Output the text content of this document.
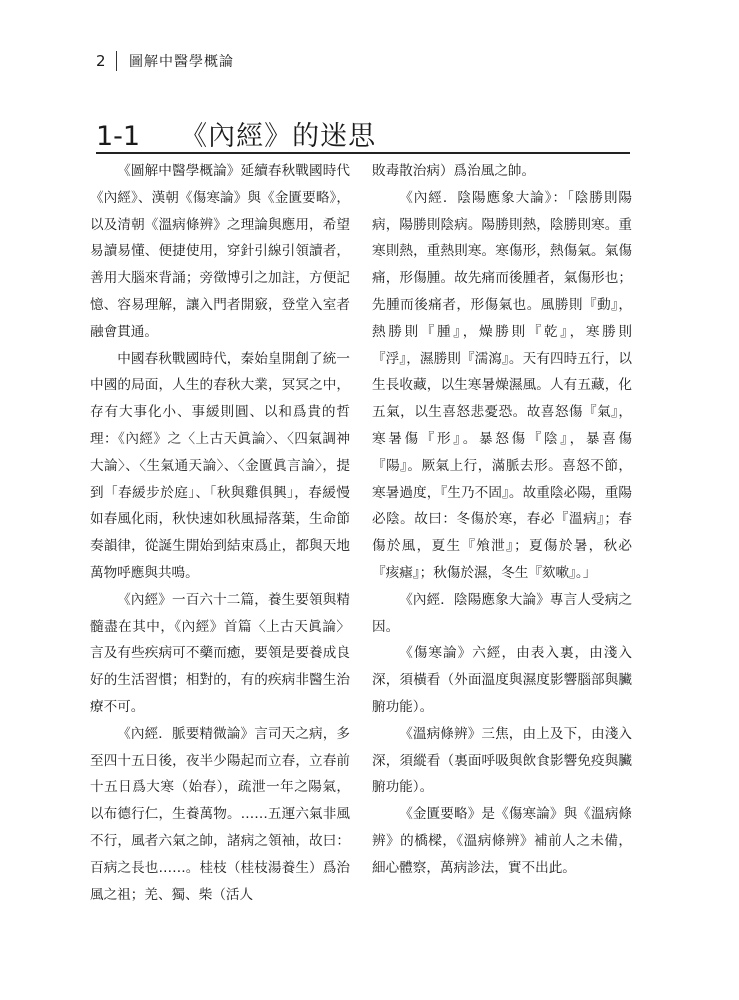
2	圖解中醫學概論
1-1 《內經》的迷思

《圖解中醫學概論》延續春秋戰國時代《內經》、漢朝《傷寒論》與《金匱要略》，以及清朝《溫病條辨》之理論與應用，希望易讀易懂、便捷使用，穿針引線引領讀者，善用大腦來背誦；旁徵博引之加註，方便記憶、容易理解，讓入門者開竅，登堂入室者融會貫通。

中國春秋戰國時代，秦始皇開創了統一中國的局面，人生的春秋大業，冥冥之中，存有大事化小、事緩則圓、以和爲貴的哲理：《內經》之〈上古天眞論〉、〈四氣調神大論〉、〈生氣通天論〉、〈金匱眞言論〉，提到「春緩步於庭」、「秋與雞俱興」，春緩慢如春風化雨，秋快速如秋風掃落葉，生命節奏韻律，從誕生開始到結束爲止，都與天地萬物呼應與共鳴。

《內經》一百六十二篇，養生要領與精髓盡在其中，《內經》首篇〈上古天眞論〉言及有些疾病可不藥而癒，要領是要養成良好的生活習慣；相對的，有的疾病非醫生治療不可。

《內經．脈要精微論》言司天之病，多至四十五日後，夜半少陽起而立春，立春前十五日爲大寒（始春），疏泄一年之陽氣，以布德行仁，生養萬物。……五運六氣非風不行，風者六氣之帥，諸病之領袖，故曰：百病之長也……。桂枝（桂枝湯養生）爲治風之祖；羌、獨、柴（活人

敗毒散治病）爲治風之帥。

《內經．陰陽應象大論》：「陰勝則陽病，陽勝則陰病。陽勝則熱，陰勝則寒。重寒則熱，重熱則寒。寒傷形，熱傷氣。氣傷痛，形傷腫。故先痛而後腫者，氣傷形也；先腫而後痛者，形傷氣也。風勝則『動』，熱勝則『腫』，燥勝則『乾』，寒勝則『浮』，濕勝則『濡瀉』。天有四時五行，以生長收藏，以生寒暑燥濕風。人有五藏，化五氣，以生喜怒悲憂恐。故喜怒傷『氣』，寒暑傷『形』。暴怒傷『陰』，暴喜傷『陽』。厥氣上行，滿脈去形。喜怒不節，寒暑過度，『生乃不固』。故重陰必陽，重陽必陰。故曰：冬傷於寒，春必『溫病』；春傷於風，夏生『飧泄』；夏傷於暑，秋必『痎瘧』；秋傷於濕，冬生『欬嗽』。」

《內經．陰陽應象大論》專言人受病之因。

《傷寒論》六經，由表入裏，由淺入深，須橫看（外面溫度與濕度影響腦部與臟腑功能）。

《溫病條辨》三焦，由上及下，由淺入深，須縱看（裏面呼吸與飲食影響免疫與臟腑功能）。

《金匱要略》是《傷寒論》與《溫病條辨》的橋樑，《溫病條辨》補前人之未備，細心體察，萬病診法，實不出此。
